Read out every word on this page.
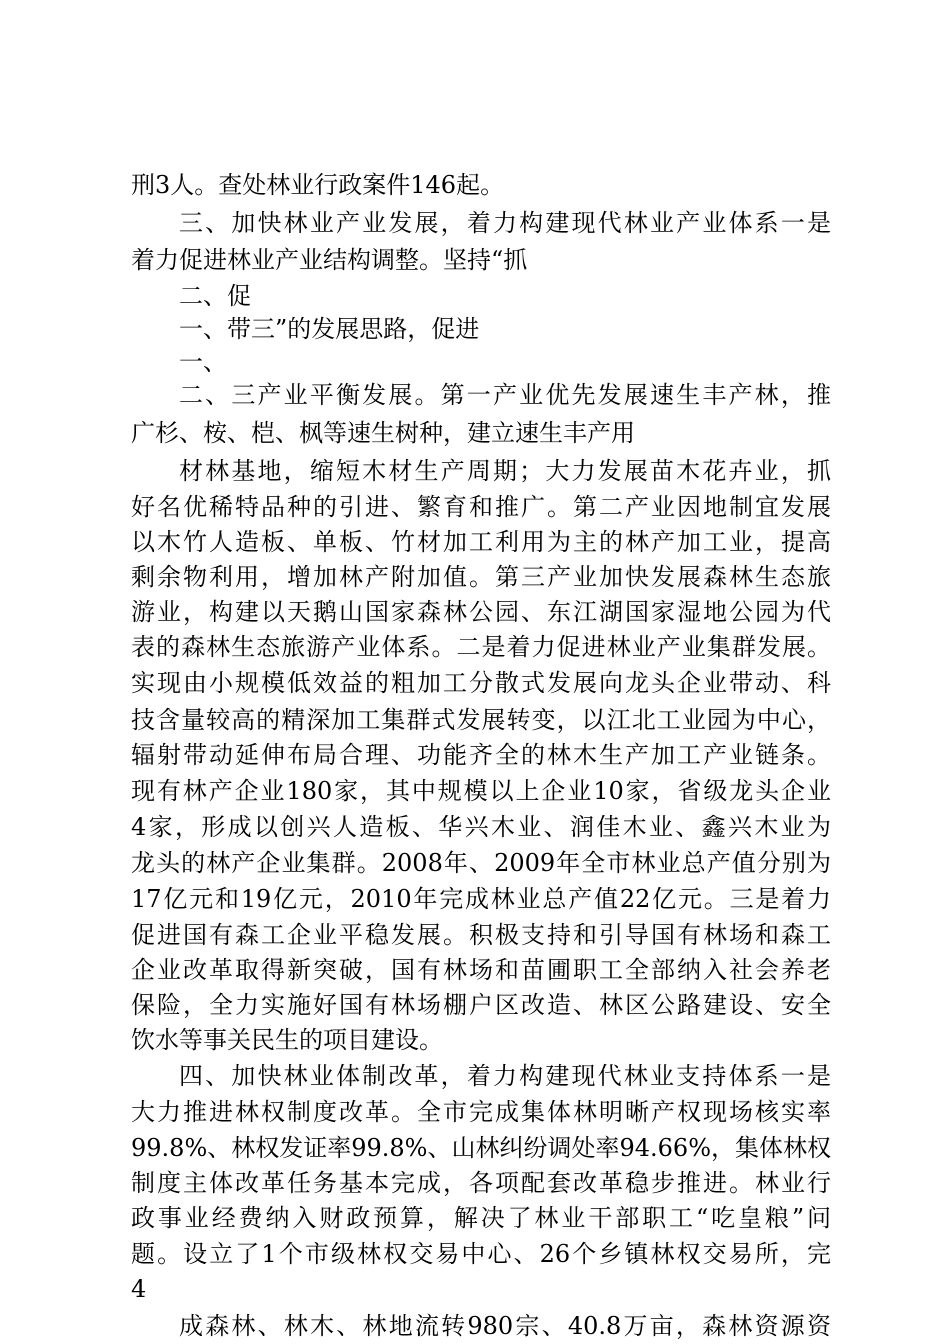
刑3人。查处林业行政案件146起。
三、加快林业产业发展，着力构建现代林业产业体系一是
着力促进林业产业结构调整。坚持“抓
二、促
一、带三”的发展思路，促进
一、
二、三产业平衡发展。第一产业优先发展速生丰产林，推
广杉、桉、桤、枫等速生树种，建立速生丰产用
材林基地，缩短木材生产周期；大力发展苗木花卉业，抓
好名优稀特品种的引进、繁育和推广。第二产业因地制宜发展
以木竹人造板、单板、竹材加工利用为主的林产加工业，提高
剩余物利用，增加林产附加值。第三产业加快发展森林生态旅
游业，构建以天鹅山国家森林公园、东江湖国家湿地公园为代
表的森林生态旅游产业体系。二是着力促进林业产业集群发展。
实现由小规模低效益的粗加工分散式发展向龙头企业带动、科
技含量较高的精深加工集群式发展转变，以江北工业园为中心，
辐射带动延伸布局合理、功能齐全的林木生产加工产业链条。
现有林产企业180家，其中规模以上企业10家，省级龙头企业
4家，形成以创兴人造板、华兴木业、润佳木业、鑫兴木业为
龙头的林产企业集群。2008年、2009年全市林业总产值分别为
17亿元和19亿元，2010年完成林业总产值22亿元。三是着力
促进国有森工企业平稳发展。积极支持和引导国有林场和森工
企业改革取得新突破，国有林场和苗圃职工全部纳入社会养老
保险，全力实施好国有林场棚户区改造、林区公路建设、安全
饮水等事关民生的项目建设。
四、加快林业体制改革，着力构建现代林业支持体系一是
大力推进林权制度改革。全市完成集体林明晰产权现场核实率
99.8%、林权发证率99.8%、山林纠纷调处率94.66%，集体林权
制度主体改革任务基本完成，各项配套改革稳步推进。林业行
政事业经费纳入财政预算，解决了林业干部职工“吃皇粮”问
题。设立了1个市级林权交易中心、26个乡镇林权交易所，完
4
成森林、林木、林地流转980宗、40.8万亩，森林资源资
